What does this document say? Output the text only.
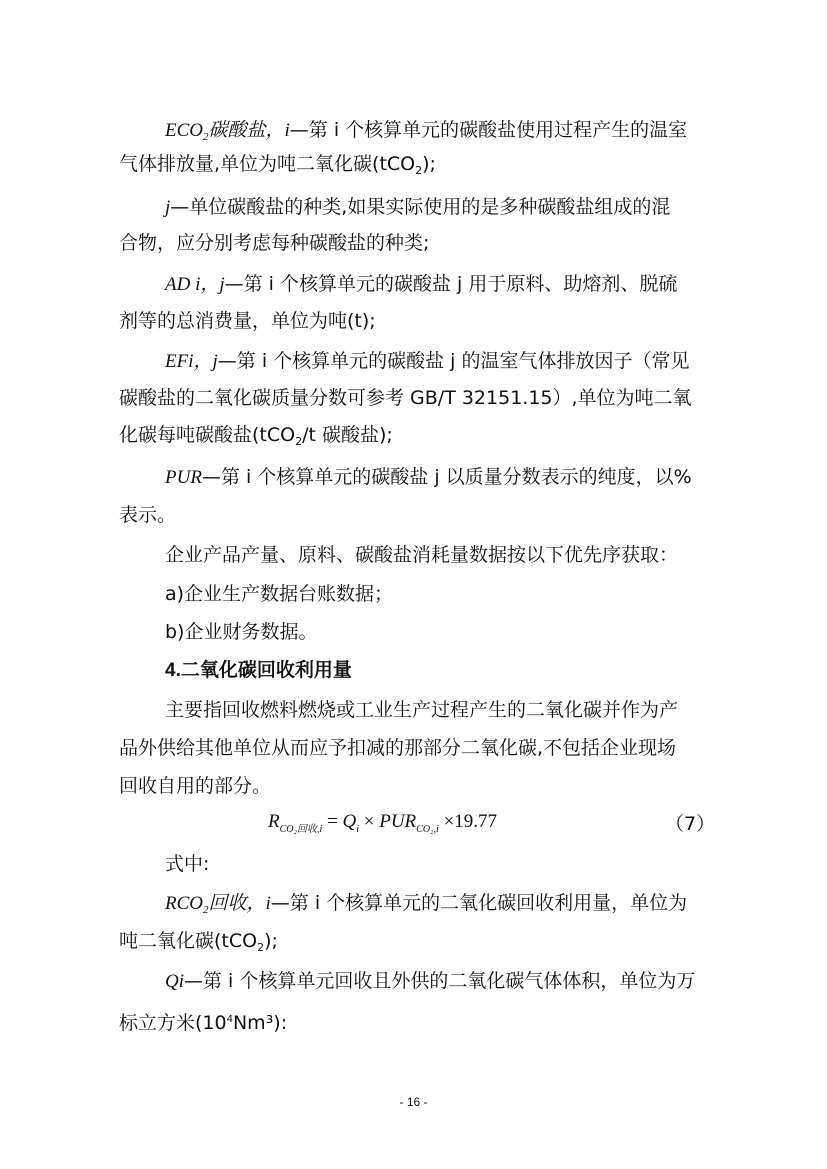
$ECO_2$碳酸盐，i—第 i 个核算单元的碳酸盐使用过程产生的温室
气体排放量,单位为吨二氧化碳(tCO$_2$);
j—单位碳酸盐的种类,如果实际使用的是多种碳酸盐组成的混
合物，应分别考虑每种碳酸盐的种类;
AD i，j—第 i 个核算单元的碳酸盐 j 用于原料、助熔剂、脱硫
剂等的总消费量，单位为吨(t);
EFi，j—第 i 个核算单元的碳酸盐 j 的温室气体排放因子（常见
碳酸盐的二氧化碳质量分数可参考 GB/T 32151.15）,单位为吨二氧
化碳每吨碳酸盐(tCO$_2$/t 碳酸盐);
PUR—第 i 个核算单元的碳酸盐 j 以质量分数表示的纯度，以%
表示。
企业产品产量、原料、碳酸盐消耗量数据按以下优先序获取：
a)企业生产数据台账数据；
b)企业财务数据。
4.二氧化碳回收利用量
主要指回收燃料燃烧或工业生产过程产生的二氧化碳并作为产
品外供给其他单位从而应予扣减的那部分二氧化碳,不包括企业现场
回收自用的部分。
$R_{CO_2回收,i} = Q_i \times PUR_{CO_2,i} \times 19.77$	（7）
式中:
$RCO_2$回收，i—第 i 个核算单元的二氧化碳回收利用量，单位为
吨二氧化碳(tCO$_2$);
Qi—第 i 个核算单元回收且外供的二氧化碳气体体积，单位为万
标立方米$(10^4Nm^3)$:
- 16 -
